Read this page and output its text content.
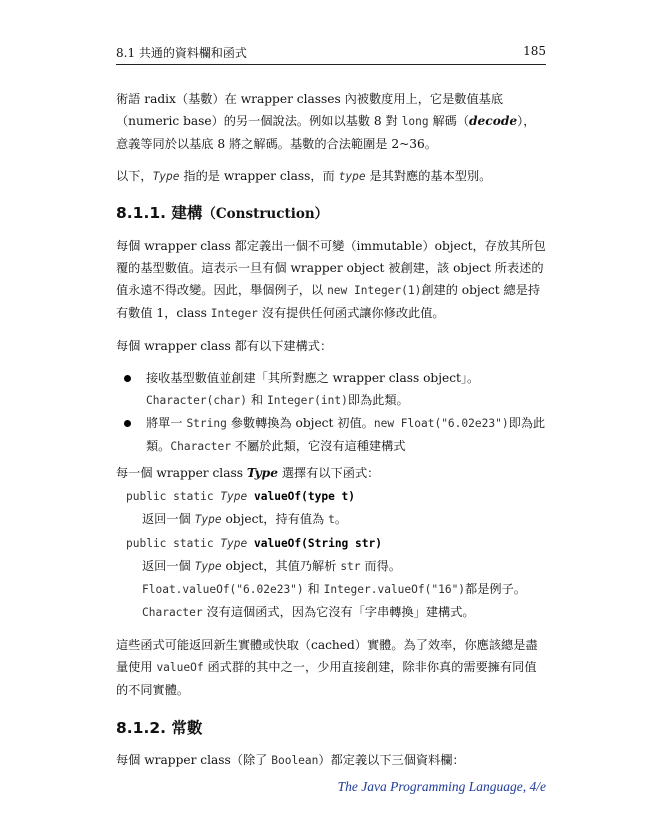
8.1 共通的資料欄和函式	185

術語 radix（基數）在 wrapper classes 內被數度用上，它是數值基底（numeric base）的另一個說法。例如以基數 8 對 long 解碼（decode），意義等同於以基底 8 將之解碼。基數的合法範圍是 2~36。

以下，Type 指的是 wrapper class，而 type 是其對應的基本型別。

8.1.1. 建構（Construction）

每個 wrapper class 都定義出一個不可變（immutable）object，存放其所包覆的基型數值。這表示一旦有個 wrapper object 被創建，該 object 所表述的值永遠不得改變。因此，舉個例子，以 new Integer(1)創建的 object 總是持有數值 1，class Integer 沒有提供任何函式讓你修改此值。

每個 wrapper class 都有以下建構式：

接收基型數值並創建「其所對應之 wrapper class object」。Character(char) 和 Integer(int)即為此類。
將單一 String 參數轉換為 object 初值。new Float("6.02e23")即為此類。Character 不屬於此類，它沒有這種建構式

每一個 wrapper class Type 選擇有以下函式：

public static Type valueOf(type t)
返回一個 Type object，持有值為 t。
public static Type valueOf(String str)
返回一個 Type object，其值乃解析 str 而得。Float.valueOf("6.02e23") 和 Integer.valueOf("16")都是例子。Character 沒有這個函式，因為它沒有「字串轉換」建構式。

這些函式可能返回新生實體或快取（cached）實體。為了效率，你應該總是盡量使用 valueOf 函式群的其中之一，少用直接創建，除非你真的需要擁有同值的不同實體。

8.1.2. 常數

每個 wrapper class（除了 Boolean）都定義以下三個資料欄：

The Java Programming Language, 4/e
